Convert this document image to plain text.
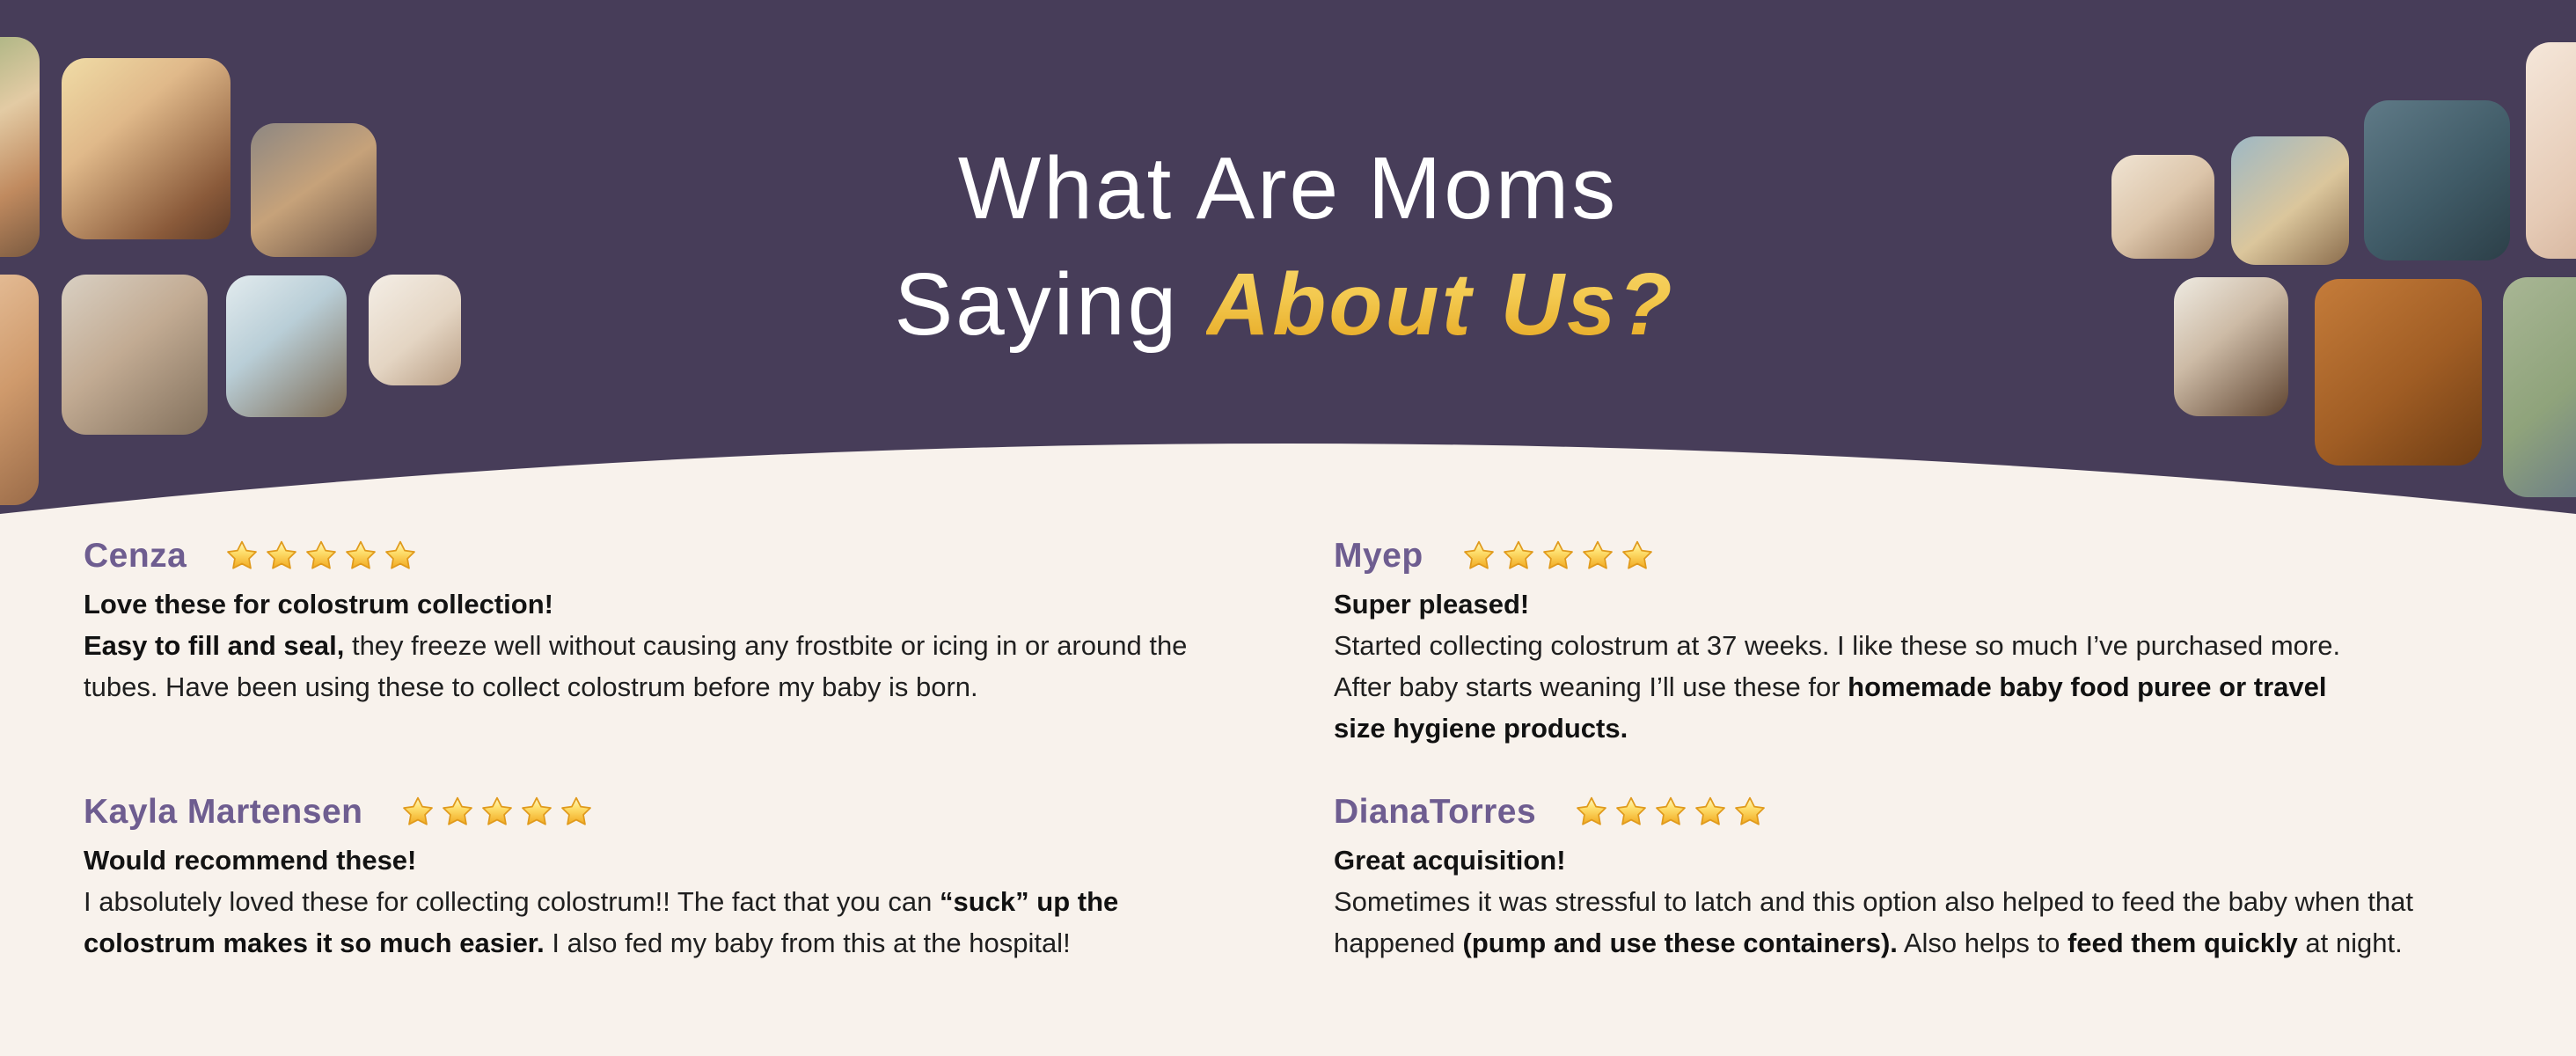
What Are Moms
Saying About Us?
Cenza
Love these for colostrum collection!
Easy to fill and seal, they freeze well without causing any frostbite or icing in or around the tubes. Have been using these to collect colostrum before my baby is born.
Kayla Martensen
Would recommend these!
I absolutely loved these for collecting colostrum!! The fact that you can “suck” up the colostrum makes it so much easier. I also fed my baby from this at the hospital!
Myep
Super pleased!
Started collecting colostrum at 37 weeks. I like these so much I’ve purchased more. After baby starts weaning I’ll use these for homemade baby food puree or travel size hygiene products.
DianaTorres
Great acquisition!
Sometimes it was stressful to latch and this option also helped to feed the baby when that happened (pump and use these containers). Also helps to feed them quickly at night.
